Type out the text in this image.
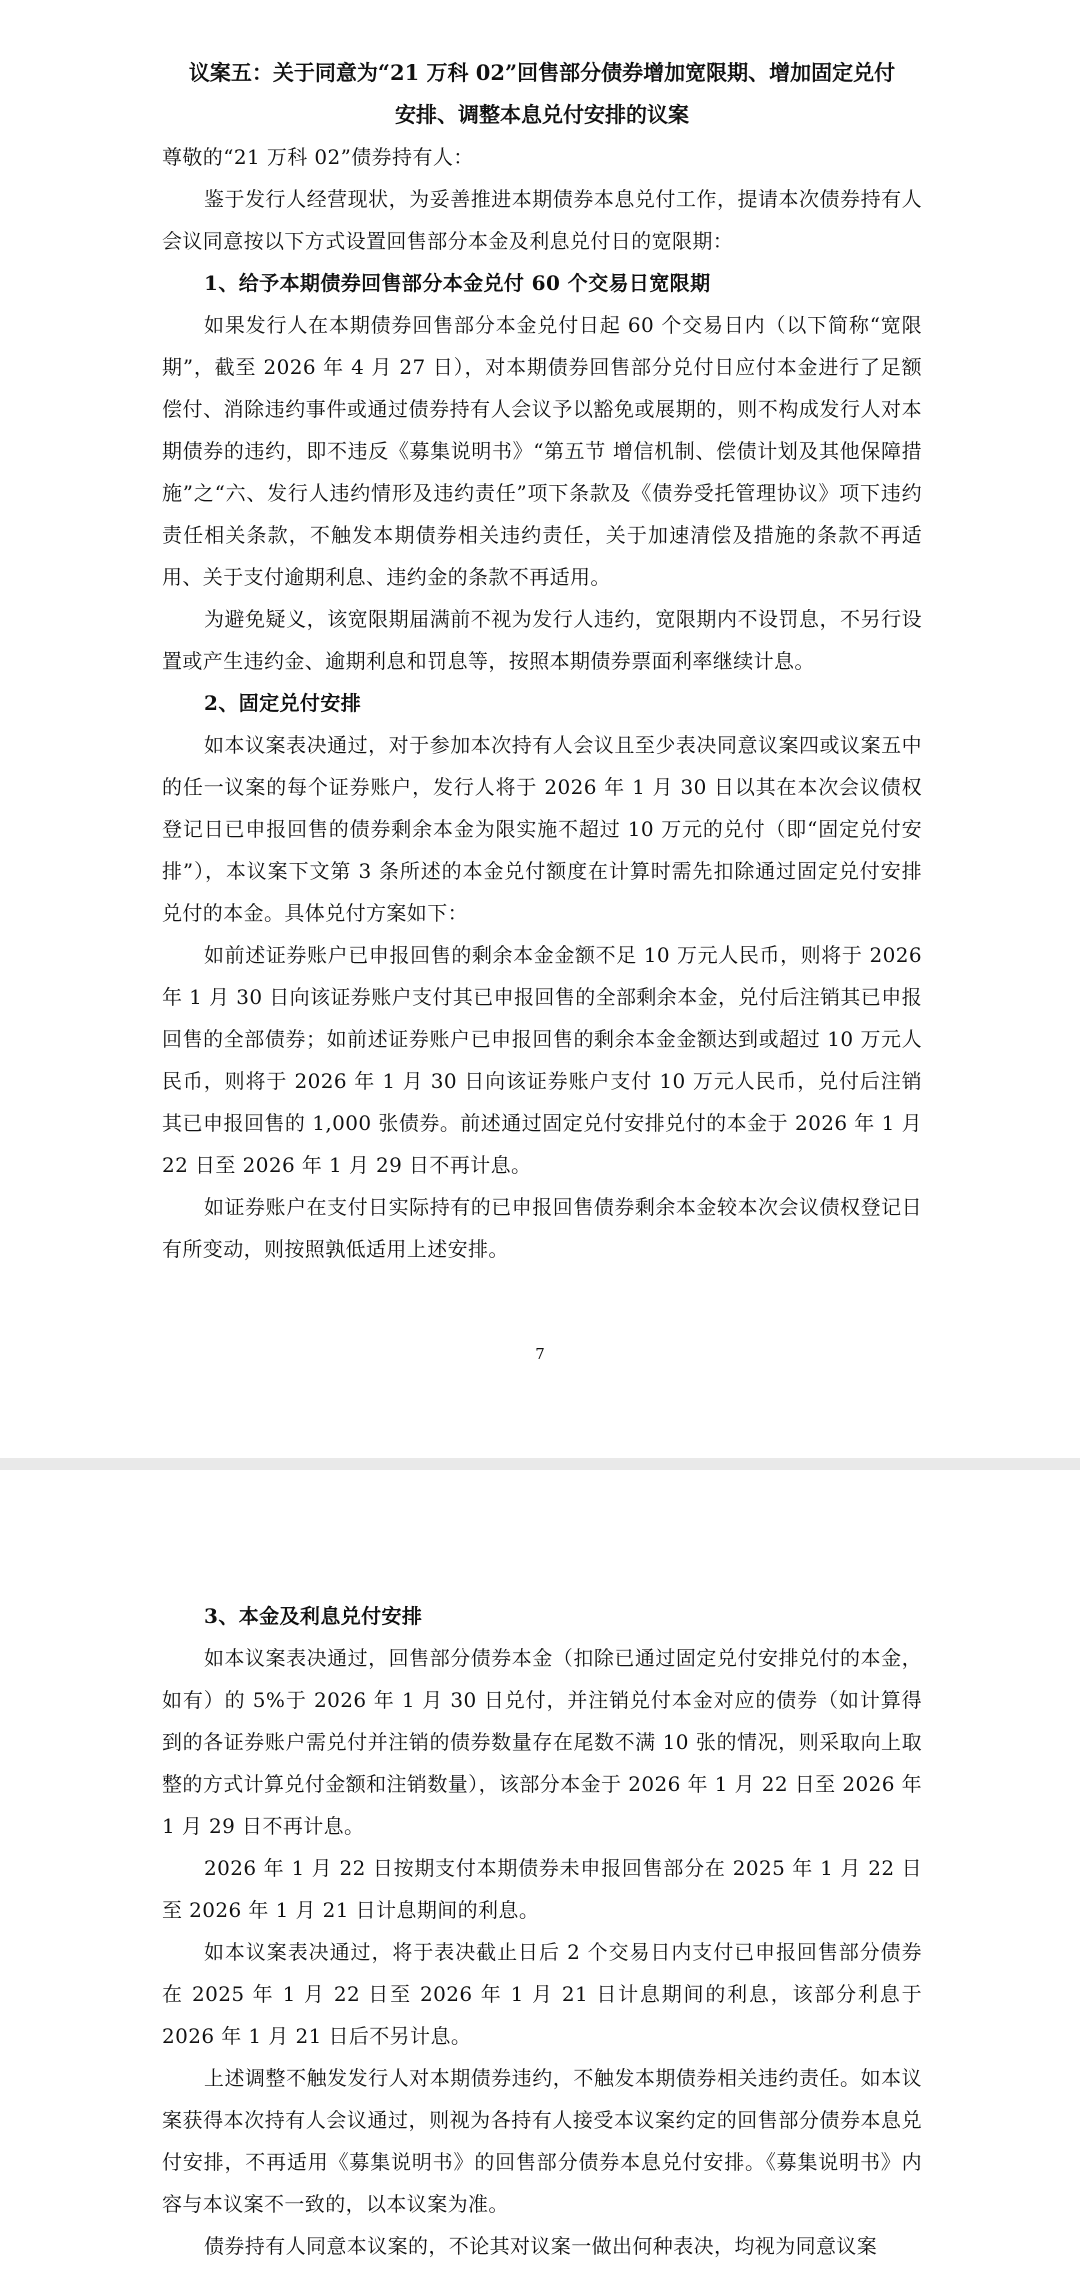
议案五：关于同意为“21 万科 02”回售部分债券增加宽限期、增加固定兑付
安排、调整本息兑付安排的议案

尊敬的“21 万科 02”债券持有人：

鉴于发行人经营现状，为妥善推进本期债券本息兑付工作，提请本次债券持有人会议同意按以下方式设置回售部分本金及利息兑付日的宽限期：

1、给予本期债券回售部分本金兑付 60 个交易日宽限期

如果发行人在本期债券回售部分本金兑付日起 60 个交易日内（以下简称“宽限期”，截至 2026 年 4 月 27 日），对本期债券回售部分兑付日应付本金进行了足额偿付、消除违约事件或通过债券持有人会议予以豁免或展期的，则不构成发行人对本期债券的违约，即不违反《募集说明书》“第五节 增信机制、偿债计划及其他保障措施”之“六、发行人违约情形及违约责任”项下条款及《债券受托管理协议》项下违约责任相关条款，不触发本期债券相关违约责任，关于加速清偿及措施的条款不再适用、关于支付逾期利息、违约金的条款不再适用。

为避免疑义，该宽限期届满前不视为发行人违约，宽限期内不设罚息，不另行设置或产生违约金、逾期利息和罚息等，按照本期债券票面利率继续计息。

2、固定兑付安排

如本议案表决通过，对于参加本次持有人会议且至少表决同意议案四或议案五中的任一议案的每个证券账户，发行人将于 2026 年 1 月 30 日以其在本次会议债权登记日已申报回售的债券剩余本金为限实施不超过 10 万元的兑付（即“固定兑付安排”），本议案下文第 3 条所述的本金兑付额度在计算时需先扣除通过固定兑付安排兑付的本金。具体兑付方案如下：

如前述证券账户已申报回售的剩余本金金额不足 10 万元人民币，则将于 2026 年 1 月 30 日向该证券账户支付其已申报回售的全部剩余本金，兑付后注销其已申报回售的全部债券；如前述证券账户已申报回售的剩余本金金额达到或超过 10 万元人民币，则将于 2026 年 1 月 30 日向该证券账户支付 10 万元人民币，兑付后注销其已申报回售的 1,000 张债券。前述通过固定兑付安排兑付的本金于 2026 年 1 月 22 日至 2026 年 1 月 29 日不再计息。

如证券账户在支付日实际持有的已申报回售债券剩余本金较本次会议债权登记日有所变动，则按照孰低适用上述安排。

7
3、本金及利息兑付安排

如本议案表决通过，回售部分债券本金（扣除已通过固定兑付安排兑付的本金，如有）的 5%于 2026 年 1 月 30 日兑付，并注销兑付本金对应的债券（如计算得到的各证券账户需兑付并注销的债券数量存在尾数不满 10 张的情况，则采取向上取整的方式计算兑付金额和注销数量），该部分本金于 2026 年 1 月 22 日至 2026 年 1 月 29 日不再计息。

2026 年 1 月 22 日按期支付本期债券未申报回售部分在 2025 年 1 月 22 日至 2026 年 1 月 21 日计息期间的利息。

如本议案表决通过，将于表决截止日后 2 个交易日内支付已申报回售部分债券在 2025 年 1 月 22 日至 2026 年 1 月 21 日计息期间的利息，该部分利息于 2026 年 1 月 21 日后不另计息。

上述调整不触发发行人对本期债券违约，不触发本期债券相关违约责任。如本议案获得本次持有人会议通过，则视为各持有人接受本议案约定的回售部分债券本息兑付安排，不再适用《募集说明书》的回售部分债券本息兑付安排。《募集说明书》内容与本议案不一致的，以本议案为准。

债券持有人同意本议案的，不论其对议案一做出何种表决，均视为同意议案
